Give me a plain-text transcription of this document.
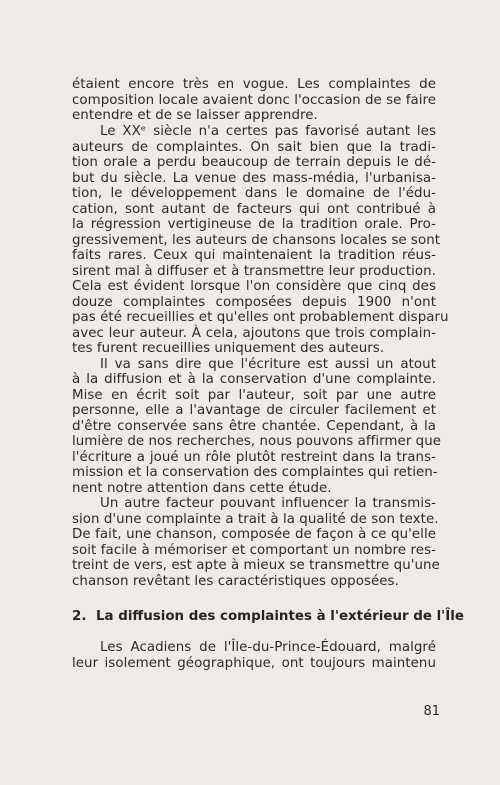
étaient encore très en vogue. Les complaintes de
composition locale avaient donc l'occasion de se faire
entendre et de se laisser apprendre.
Le XXᵉ siècle n'a certes pas favorisé autant les
auteurs de complaintes. On sait bien que la tradi-
tion orale a perdu beaucoup de terrain depuis le dé-
but du siècle. La venue des mass-média, l'urbanisa-
tion, le développement dans le domaine de l'édu-
cation, sont autant de facteurs qui ont contribué à
la régression vertigineuse de la tradition orale. Pro-
gressivement, les auteurs de chansons locales se sont
faits rares. Ceux qui maintenaient la tradition réus-
sirent mal à diffuser et à transmettre leur production.
Cela est évident lorsque l'on considère que cinq des
douze complaintes composées depuis 1900 n'ont
pas été recueillies et qu'elles ont probablement disparu
avec leur auteur. À cela, ajoutons que trois complain-
tes furent recueillies uniquement des auteurs.
Il va sans dire que l'écriture est aussi un atout
à la diffusion et à la conservation d'une complainte.
Mise en écrit soit par l'auteur, soit par une autre
personne, elle a l'avantage de circuler facilement et
d'être conservée sans être chantée. Cependant, à la
lumière de nos recherches, nous pouvons affirmer que
l'écriture a joué un rôle plutôt restreint dans la trans-
mission et la conservation des complaintes qui retien-
nent notre attention dans cette étude.
Un autre facteur pouvant influencer la transmis-
sion d'une complainte a trait à la qualité de son texte.
De fait, une chanson, composée de façon à ce qu'elle
soit facile à mémoriser et comportant un nombre res-
treint de vers, est apte à mieux se transmettre qu'une
chanson revêtant les caractéristiques opposées.
2. La diffusion des complaintes à l'extérieur de l'Île
Les Acadiens de l'Île-du-Prince-Édouard, malgré
leur isolement géographique, ont toujours maintenu
81
